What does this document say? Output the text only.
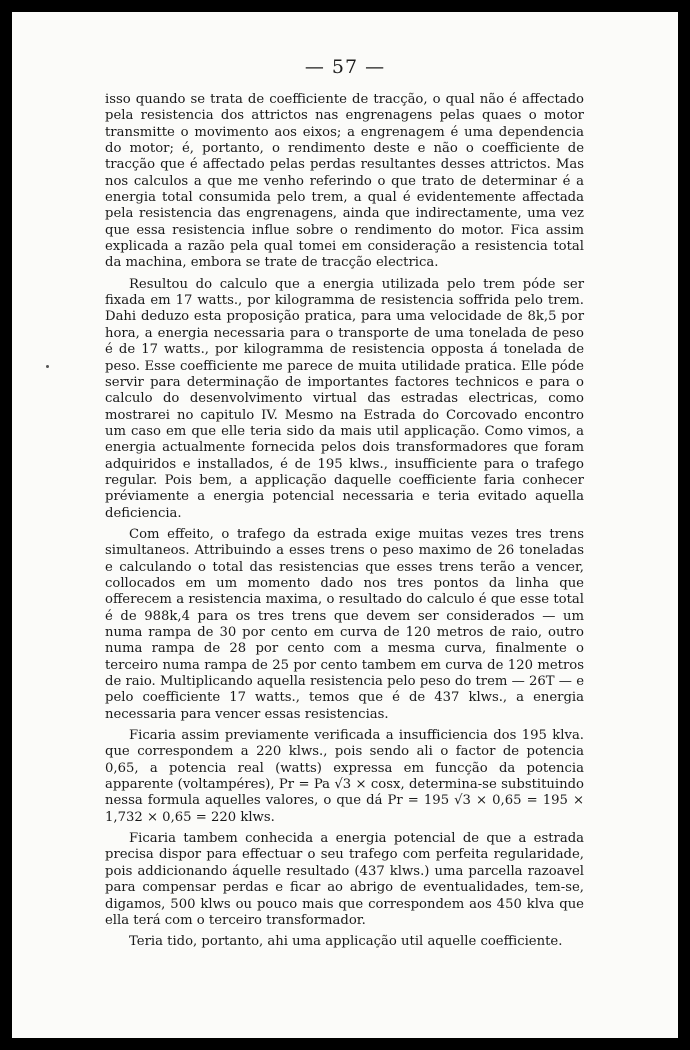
— 57 —

isso quando se trata de coefficiente de tracção, o qual não é affectado pela resistencia dos attrictos nas engrenagens pelas quaes o motor transmitte o movimento aos eixos; a engrenagem é uma dependencia do motor; é, portanto, o rendimento deste e não o coefficiente de tracção que é affectado pelas perdas resultantes desses attrictos. Mas nos calculos a que me venho referindo o que trato de determinar é a energia total consumida pelo trem, a qual é evidentemente affectada pela resistencia das engrenagens, ainda que indirectamente, uma vez que essa resistencia influe sobre o rendimento do motor. Fica assim explicada a razão pela qual tomei em consideração a resistencia total da machina, embora se trate de tracção electrica.

Resultou do calculo que a energia utilizada pelo trem póde ser fixada em 17 watts., por kilogramma de resistencia soffrida pelo trem. Dahi deduzo esta proposição pratica, para uma velocidade de 8k,5 por hora, a energia necessaria para o transporte de uma tonelada de peso é de 17 watts., por kilogramma de resistencia opposta á tonelada de peso. Esse coefficiente me parece de muita utilidade pratica. Elle póde servir para determinação de importantes factores technicos e para o calculo do desenvolvimento virtual das estradas electricas, como mostrarei no capitulo IV. Mesmo na Estrada do Corcovado encontro um caso em que elle teria sido da mais util applicação. Como vimos, a energia actualmente fornecida pelos dois transformadores que foram adquiridos e installados, é de 195 klws., insufficiente para o trafego regular. Pois bem, a applicação daquelle coefficiente faria conhecer préviamente a energia potencial necessaria e teria evitado aquella deficiencia.

Com effeito, o trafego da estrada exige muitas vezes tres trens simultaneos. Attribuindo a esses trens o peso maximo de 26 toneladas e calculando o total das resistencias que esses trens terão a vencer, collocados em um momento dado nos tres pontos da linha que offerecem a resistencia maxima, o resultado do calculo é que esse total é de 988k,4 para os tres trens que devem ser considerados — um numa rampa de 30 por cento em curva de 120 metros de raio, outro numa rampa de 28 por cento com a mesma curva, finalmente o terceiro numa rampa de 25 por cento tambem em curva de 120 metros de raio. Multiplicando aquella resistencia pelo peso do trem — 26T — e pelo coefficiente 17 watts., temos que é de 437 klws., a energia necessaria para vencer essas resistencias.

Ficaria assim previamente verificada a insufficiencia dos 195 klva. que correspondem a 220 klws., pois sendo ali o factor de potencia 0,65, a potencia real (watts) expressa em funcção da potencia apparente (voltampéres), Pr = Pa √3 × cosx, determina-se substituindo nessa formula aquelles valores, o que dá Pr = 195 √3 × 0,65 = 195 × 1,732 × 0,65 = 220 klws.

Ficaria tambem conhecida a energia potencial de que a estrada precisa dispor para effectuar o seu trafego com perfeita regularidade, pois addicionando áquelle resultado (437 klws.) uma parcella razoavel para compensar perdas e ficar ao abrigo de eventualidades, tem-se, digamos, 500 klws ou pouco mais que correspondem aos 450 klva que ella terá com o terceiro transformador.

Teria tido, portanto, ahi uma applicação util aquelle coefficiente.
